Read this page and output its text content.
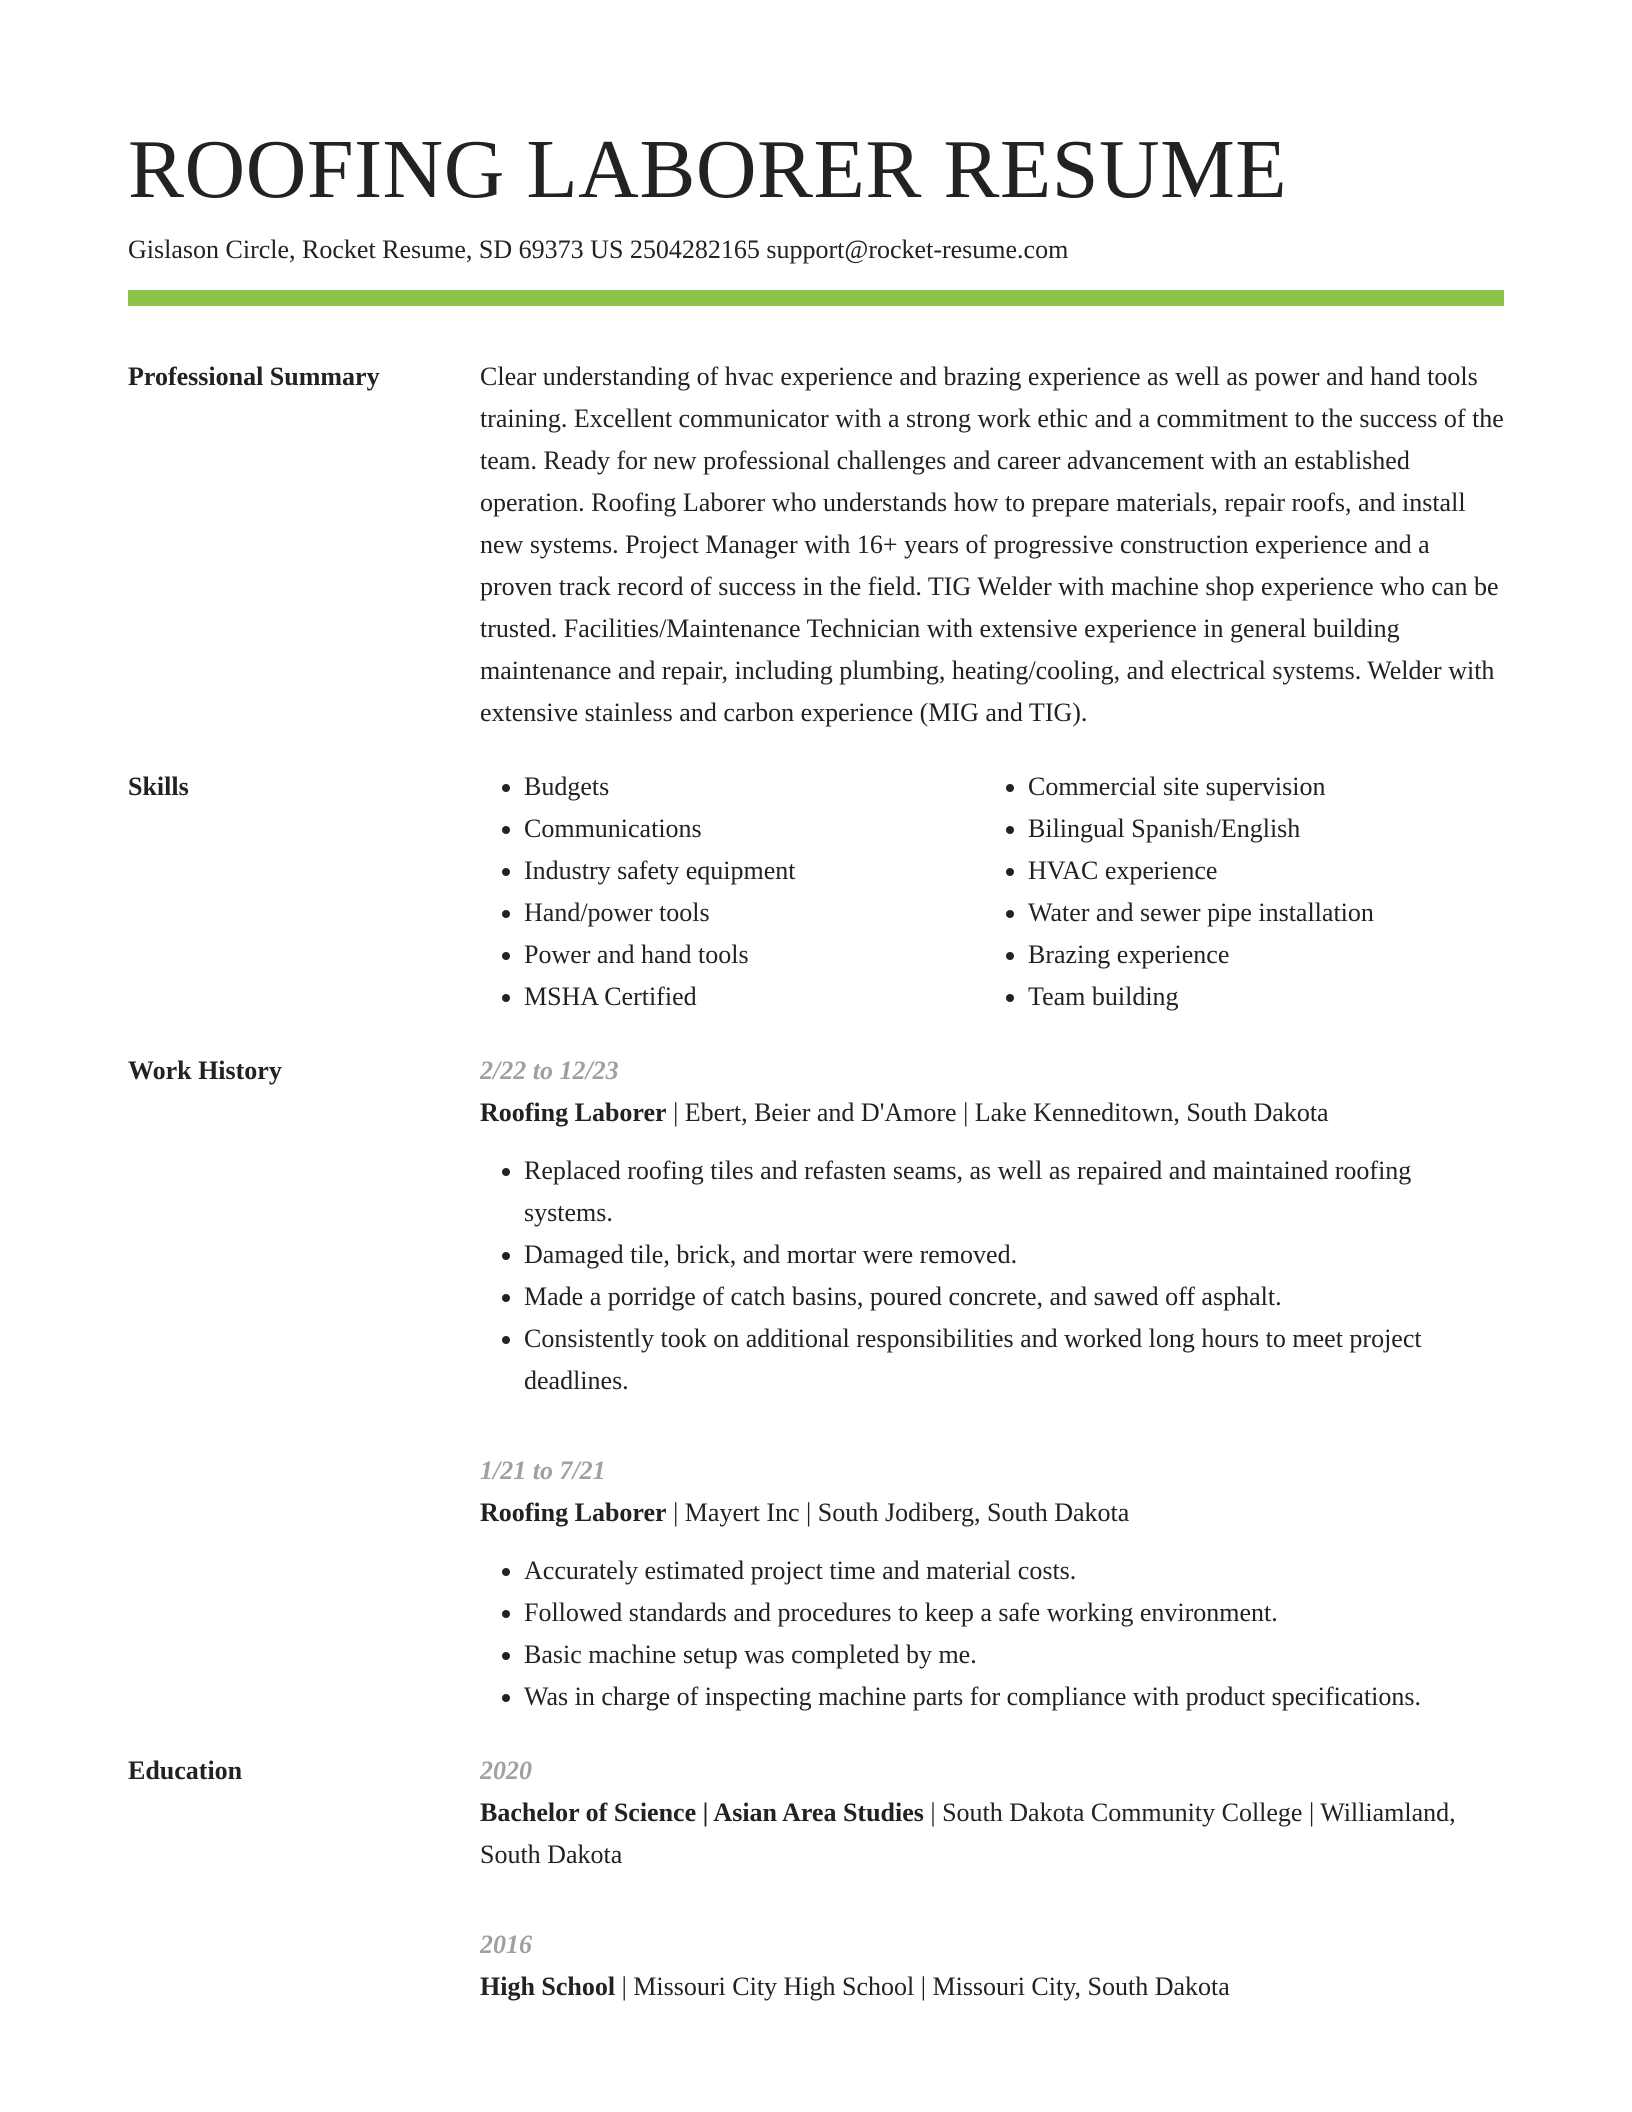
ROOFING LABORER RESUME
Gislason Circle, Rocket Resume, SD 69373 US 2504282165 support@rocket-resume.com
Professional Summary	Clear understanding of hvac experience and brazing experience as well as power and hand tools training. Excellent communicator with a strong work ethic and a commitment to the success of the team. Ready for new professional challenges and career advancement with an established operation. Roofing Laborer who understands how to prepare materials, repair roofs, and install new systems. Project Manager with 16+ years of progressive construction experience and a proven track record of success in the field. TIG Welder with machine shop experience who can be trusted. Facilities/Maintenance Technician with extensive experience in general building maintenance and repair, including plumbing, heating/cooling, and electrical systems. Welder with extensive stainless and carbon experience (MIG and TIG).
Skills
•	Budgets
• Communications
• Industry safety equipment
• Hand/power tools
• Power and hand tools
• MSHA Certified
• Commercial site supervision
• Bilingual Spanish/English
• HVAC experience
• Water and sewer pipe installation
• Brazing experience
• Team building
Work History	2/22 to 12/23
Roofing Laborer | Ebert, Beier and D'Amore | Lake Kenneditown, South Dakota
• Replaced roofing tiles and refasten seams, as well as repaired and maintained roofing systems.
• Damaged tile, brick, and mortar were removed.
• Made a porridge of catch basins, poured concrete, and sawed off asphalt.
• Consistently took on additional responsibilities and worked long hours to meet project deadlines.
1/21 to 7/21
Roofing Laborer | Mayert Inc | South Jodiberg, South Dakota
• Accurately estimated project time and material costs.
• Followed standards and procedures to keep a safe working environment.
• Basic machine setup was completed by me.
• Was in charge of inspecting machine parts for compliance with product specifications.
Education	2020
Bachelor of Science | Asian Area Studies | South Dakota Community College | Williamland, South Dakota
2016
High School | Missouri City High School | Missouri City, South Dakota
